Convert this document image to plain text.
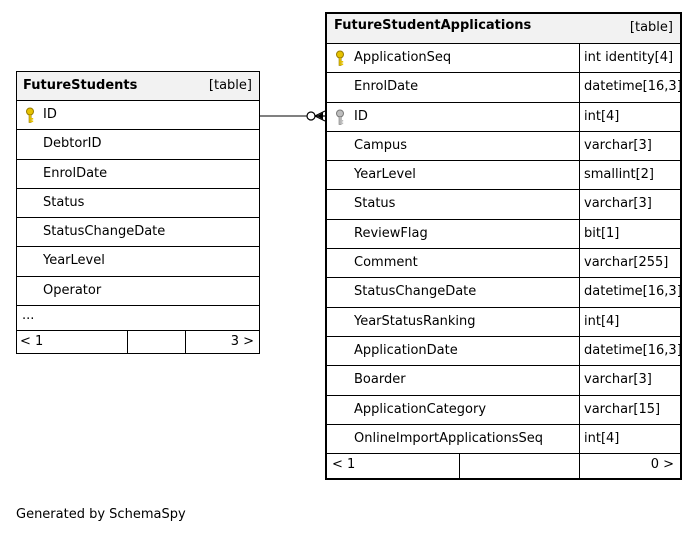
FutureStudents	[table]
ID
DebtorID
EnrolDate
Status
StatusChangeDate
YearLevel
Operator
...
< 1	3 >
FutureStudentApplications	[table]
ApplicationSeq	int identity[4]
EnrolDate	datetime[16,3]
ID	int[4]
Campus	varchar[3]
YearLevel	smallint[2]
Status	varchar[3]
ReviewFlag	bit[1]
Comment	varchar[255]
StatusChangeDate	datetime[16,3]
YearStatusRanking	int[4]
ApplicationDate	datetime[16,3]
Boarder	varchar[3]
ApplicationCategory	varchar[15]
OnlineImportApplicationsSeq	int[4]
< 1	0 >
Generated by SchemaSpy
